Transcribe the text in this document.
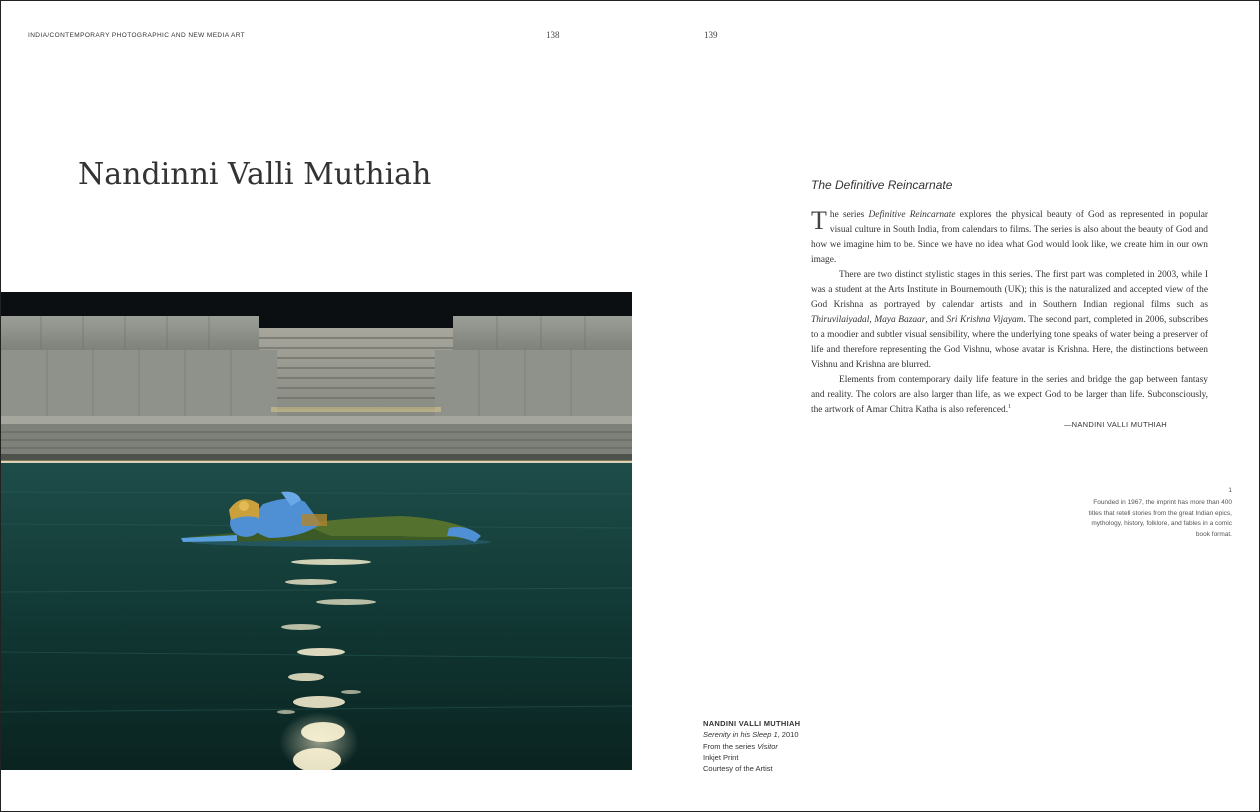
INDIA/CONTEMPORARY PHOTOGRAPHIC AND NEW MEDIA ART	138	139
Nandinni Valli Muthiah	The Definitive Reincarnate

The series Definitive Reincarnate explores the physical beauty of God as represented in popular visual culture in South India, from calendars to films. The series is also about the beauty of God and how we imagine him to be. Since we have no idea what God would look like, we create him in our own image.

There are two distinct stylistic stages in this series. The first part was completed in 2003, while I was a student at the Arts Institute in Bournemouth (UK); this is the naturalized and accepted view of the God Krishna as portrayed by calendar artists and in Southern Indian regional films such as Thiruvilaiyadal, Maya Bazaar, and Sri Krishna Vijayam. The second part, completed in 2006, subscribes to a moodier and subtler visual sensibility, where the underlying tone speaks of water being a preserver of life and therefore representing the God Vishnu, whose avatar is Krishna. Here, the distinctions between Vishnu and Krishna are blurred.

Elements from contemporary daily life feature in the series and bridge the gap between fantasy and reality. The colors are also larger than life, as we expect God to be larger than life. Subconsciously, the artwork of Amar Chitra Katha is also referenced.$^1$

—NANDINI VALLI MUTHIAH
1
Founded in 1967, the imprint has more than 400 titles that retell stories from the great Indian epics, mythology, history, folklore, and fables in a comic book format.
NANDINI VALLI MUTHIAH
Serenity in his Sleep 1, 2010
From the series Visitor
Inkjet Print
Courtesy of the Artist
